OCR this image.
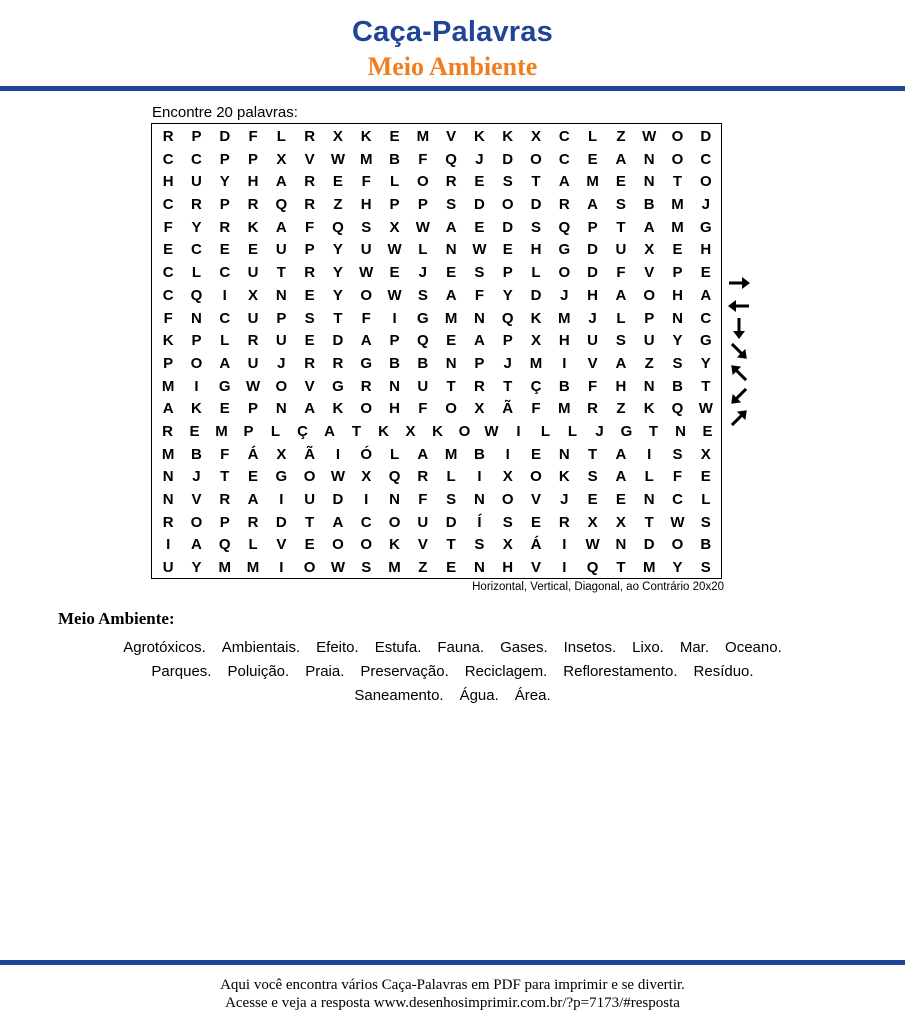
Caça-Palavras
Meio Ambiente
Encontre 20 palavras:
R	P	D	F	L	R	X	K	E	M	V	K	K	X	C	L	Z	W	O	D
C	C	P	P	X	V	W M	B	F	Q	J	D	O	C	E	A	N	O	C
H	U	Y	H	A	R	E	F	L	O	R	E	S	T	A	M	E	N	T	O
C	R	P	R	Q	R	Z	H	P	P	S	D	O	D	R	A	S	B	M	J
F	Y	R	K	A	F	Q	S	X	W	A	E	D	S	Q	P	T	A	M	G
E	C	E	E	U	P	Y	U	W	L	N	W	E	H	G	D	U	X	E	H
C	L	C	U	T	R	Y	W	E	J	E	S	P	L	O	D	F	V	P	E
C	Q	I	X	N	E	Y	O	W	S	A	F	Y	D	J	H	A	O	H	A
F	N	C	U	P	S	T	F	I	G	M	N	Q	K	M	J	L	P	N	C
K	P	L	R	U	E	D	A	P	Q	E	A	P	X	H	U	S	U	Y	G
P	O	A	U	J	R	R	G	B	B	N	P	J	M	I	V	A	Z	S	Y
M	I	G	W	O	V	G	R	N	U	T	R	T	Ç	B	F	H	N	B	T
A	K	E	P	N	A	K	O	H	F	O	X	Ã	F	M	R	Z	K	Q	W
R	E	M	P	L	Ç	A	T	K	X	K	O W	I	L	L	J	G	T	N	E
M	B	F	Á	X	Ã	I	Ó	L	A	M	B	I	E	N	T	A	I	S	X
N	J	T	E	G	O	W	X	Q	R	L	I	X	O	K	S	A	L	F	E
N	V	R	A	I	U	D	I	N	F	S	N	O	V	J	E	E	N	C	L
R	O	P	R	D	T	A	C	O	U	D	Í	S	E	R	X	X	T	W	S
I	A	Q	L	V	E	O	O	K	V	T	S	X	Á	I	W	N	D	O	B
U	Y	M	M	I	O	W	S	M	Z	E	N	H	V	I	Q	T	M	Y	S
Horizontal, Vertical, Diagonal, ao Contrário 20x20
Meio Ambiente:
Agrotóxicos. Ambientais. Efeito. Estufa. Fauna. Gases. Insetos. Lixo. Mar. Oceano.
Parques. Poluição. Praia. Preservação. Reciclagem. Reflorestamento. Resíduo.
Saneamento. Água. Área.
Aqui você encontra vários Caça-Palavras em PDF para imprimir e se divertir.
Acesse e veja a resposta www.desenhosimprimir.com.br/?p=7173/#resposta
